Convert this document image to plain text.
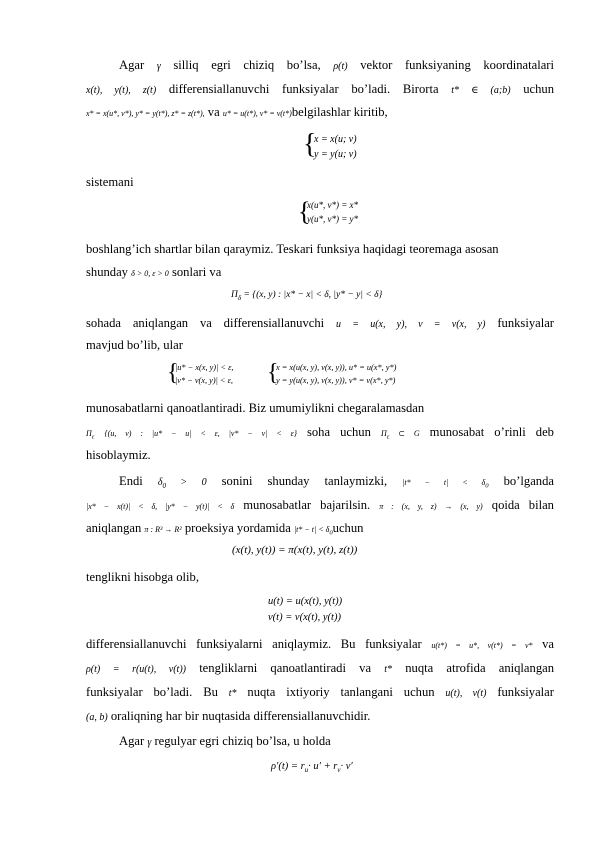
Agar γ silliq egri chiziq bo’lsa, ρ(t) vektor funksiyaning koordinatalari
x(t), y(t), z(t) differensiallanuvchi funksiyalar bo’ladi. Birorta t* ∈ (a;b) uchun
x* = x(u*, v*), y* = y(t*), z* = z(t*), va u* = u(t*), v* = v(t*)belgilashlar kiritib,
{
x = x(u; v)
y = y(u; v)
sistemani
{
x(u*, v*) = x*
y(u*, v*) = y*
boshlang’ich shartlar bilan qaraymiz. Teskari funksiya haqidagi teoremaga asosan
shunday δ > 0, ε > 0 sonlari va
$\Pi_\delta = \{(x$, y) : |x* − x| < δ, |y* − y| < δ}
sohada aniqlangan va differensiallanuvchi u = u(x, y), v = v(x, y) funksiyalar
mavjud bo’lib, ular
{
|u* − x(x, y)| < ε,
|v* − v(x, y)| < ε, {
x = x(u(x, y), v(x, y)), u* = u(x*, y*)
y = y(u(x, y), v(x, y)), v* = v(x*, y*)
munosabatlarni qanoatlantiradi. Biz umumiylikni chegaralamasdan
$\Pi_\varepsilon$ {(u, v) : |u* − u| < ε, |v* − v| < ε} soha uchun $\Pi_\varepsilon$ ⊂ G munosabat o’rinli deb
hisoblaymiz.
Endi $\delta_0 > 0$ sonini shunday tanlaymizki, $|t* - t| < \delta_0$ bo’lganda
|x* − x(t)| < δ, |y* − y(t)| < δ munosabatlar bajarilsin. π : (x, y, z) → (x, y) qoida bilan
aniqlangan π : R³ → R² proeksiya yordamida $|t* - t| < \delta_0uchun$
(x(t), y(t)) = π(x(t), y(t), z(t))
tenglikni hisobga olib,
u(t) = u(x(t), y(t))
v(t) = v(x(t), y(t))
differensiallanuvchi funksiyalarni aniqlaymiz. Bu funksiyalar u(t*) = u*, v(t*) = v* va
ρ(t) = r(u(t), v(t)) tengliklarni qanoatlantiradi va t* nuqta atrofida aniqlangan
funksiyalar bo’ladi. Bu t* nuqta ixtiyoriy tanlangani uchun u(t), v(t) funksiyalar
(a, b) oraliqning har bir nuqtasida differensiallanuvchidir.
Agar γ regulyar egri chiziq bo’lsa, u holda
$\rho'(t) = r_u\cdot u' + r_v\cdot v'$
